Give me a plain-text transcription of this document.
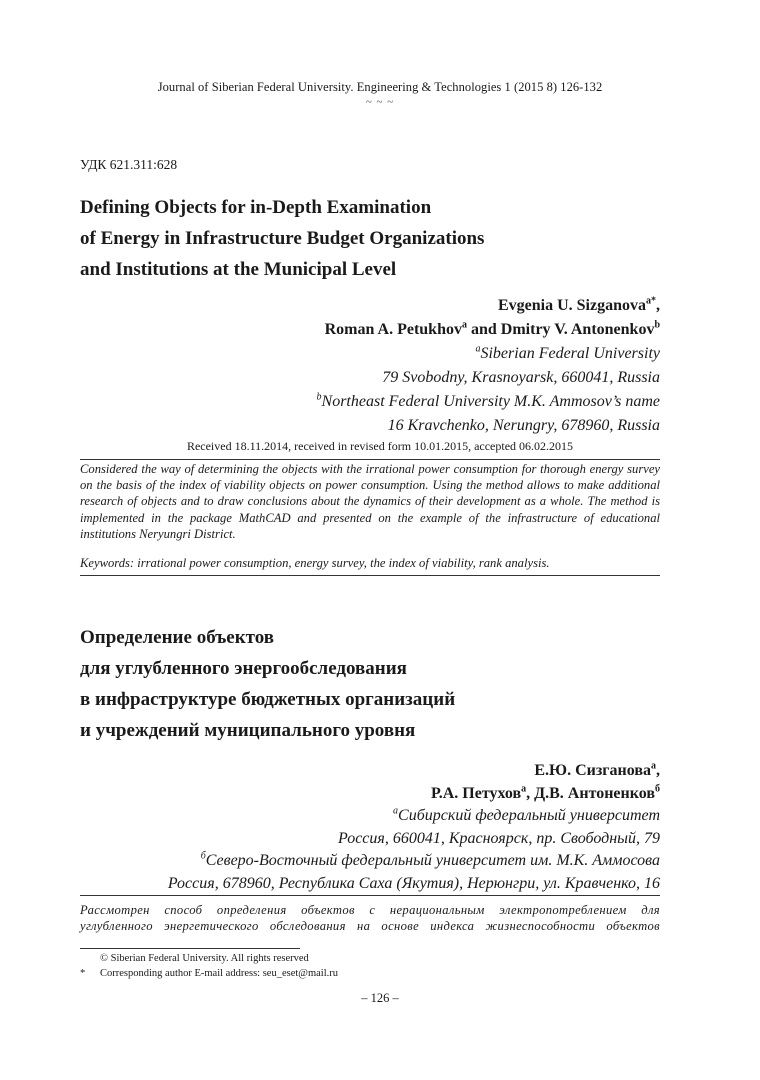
Journal of Siberian Federal University. Engineering & Technologies 1 (2015 8) 126-132
~ ~ ~
УДК 621.311:628
Defining Objects for in-Depth Examination
of Energy in Infrastructure Budget Organizations
and Institutions at the Municipal Level
Evgenia U. Sizganova$^{a*}$,
Roman A. Petukhov$^a$ and Dmitry V. Antonenkov$^b$
$^a$Siberian Federal University
79 Svobodny, Krasnoyarsk, 660041, Russia
$^b$Northeast Federal University M.K. Ammosov’s name
16 Kravchenko, Nerungry, 678960, Russia
Received 18.11.2014, received in revised form 10.01.2015, accepted 06.02.2015
Considered the way of determining the objects with the irrational power consumption for thorough energy survey on the basis of the index of viability objects on power consumption. Using the method allows to make additional research of objects and to draw conclusions about the dynamics of their development as a whole. The method is implemented in the package MathCAD and presented on the example of the infrastructure of educational institutions Neryungri District.
Keywords: irrational power consumption, energy survey, the index of viability, rank analysis.
Определение объектов
для углубленного энергообследования
в инфраструктуре бюджетных организаций
и учреждений муниципального уровня
Е.Ю. Сизганова$^а$,
Р.А. Петухов$^а$, Д.В. Антоненков$^б$
$^а$Сибирский федеральный университет
Россия, 660041, Красноярск, пр. Свободный, 79
$^б$Северо-Восточный федеральный университет им. М.К. Аммосова
Россия, 678960, Республика Саха (Якутия), Нерюнгри, ул. Кравченко, 16
Рассмотрен способ определения объектов с нерациональным электропотреблением для
углубленного энергетического обследования на основе индекса жизнеспособности объектов
© Siberian Federal University. All rights reserved
*	Corresponding author E-mail address: seu_eset@mail.ru
– 126 –
